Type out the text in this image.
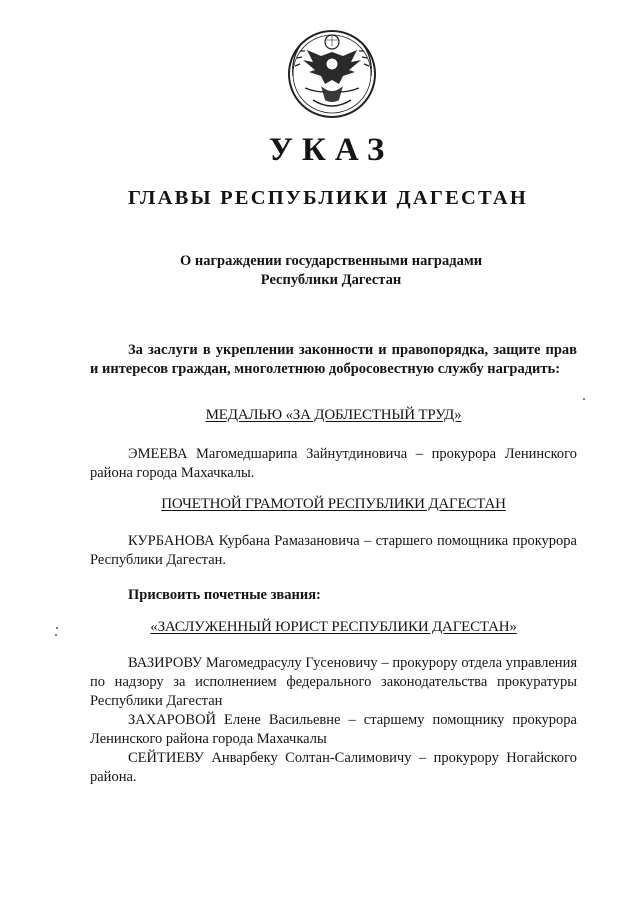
УКАЗ
ГЛАВЫ РЕСПУБЛИКИ ДАГЕСТАН
О награждении государственными наградами
Республики Дагестан

За заслуги в укреплении законности и правопорядка, защите прав и интересов граждан, многолетнюю добросовестную службу наградить:

МЕДАЛЬЮ «ЗА ДОБЛЕСТНЫЙ ТРУД»

ЭМЕЕВА Магомедшарипа Зайнутдиновича – прокурора Ленинского района города Махачкалы.

ПОЧЕТНОЙ ГРАМОТОЙ РЕСПУБЛИКИ ДАГЕСТАН

КУРБАНОВА Курбана Рамазановича – старшего помощника прокурора Республики Дагестан.

Присвоить почетные звания:

«ЗАСЛУЖЕННЫЙ ЮРИСТ РЕСПУБЛИКИ ДАГЕСТАН»

ВАЗИРОВУ Магомедрасулу Гусеновичу – прокурору отдела управления по надзору за исполнением федерального законодательства прокуратуры Республики Дагестан

ЗАХАРОВОЙ Елене Васильевне – старшему помощнику прокурора Ленинского района города Махачкалы

СЕЙТИЕВУ Анварбеку Солтан-Салимовичу – прокурору Ногайского района.
